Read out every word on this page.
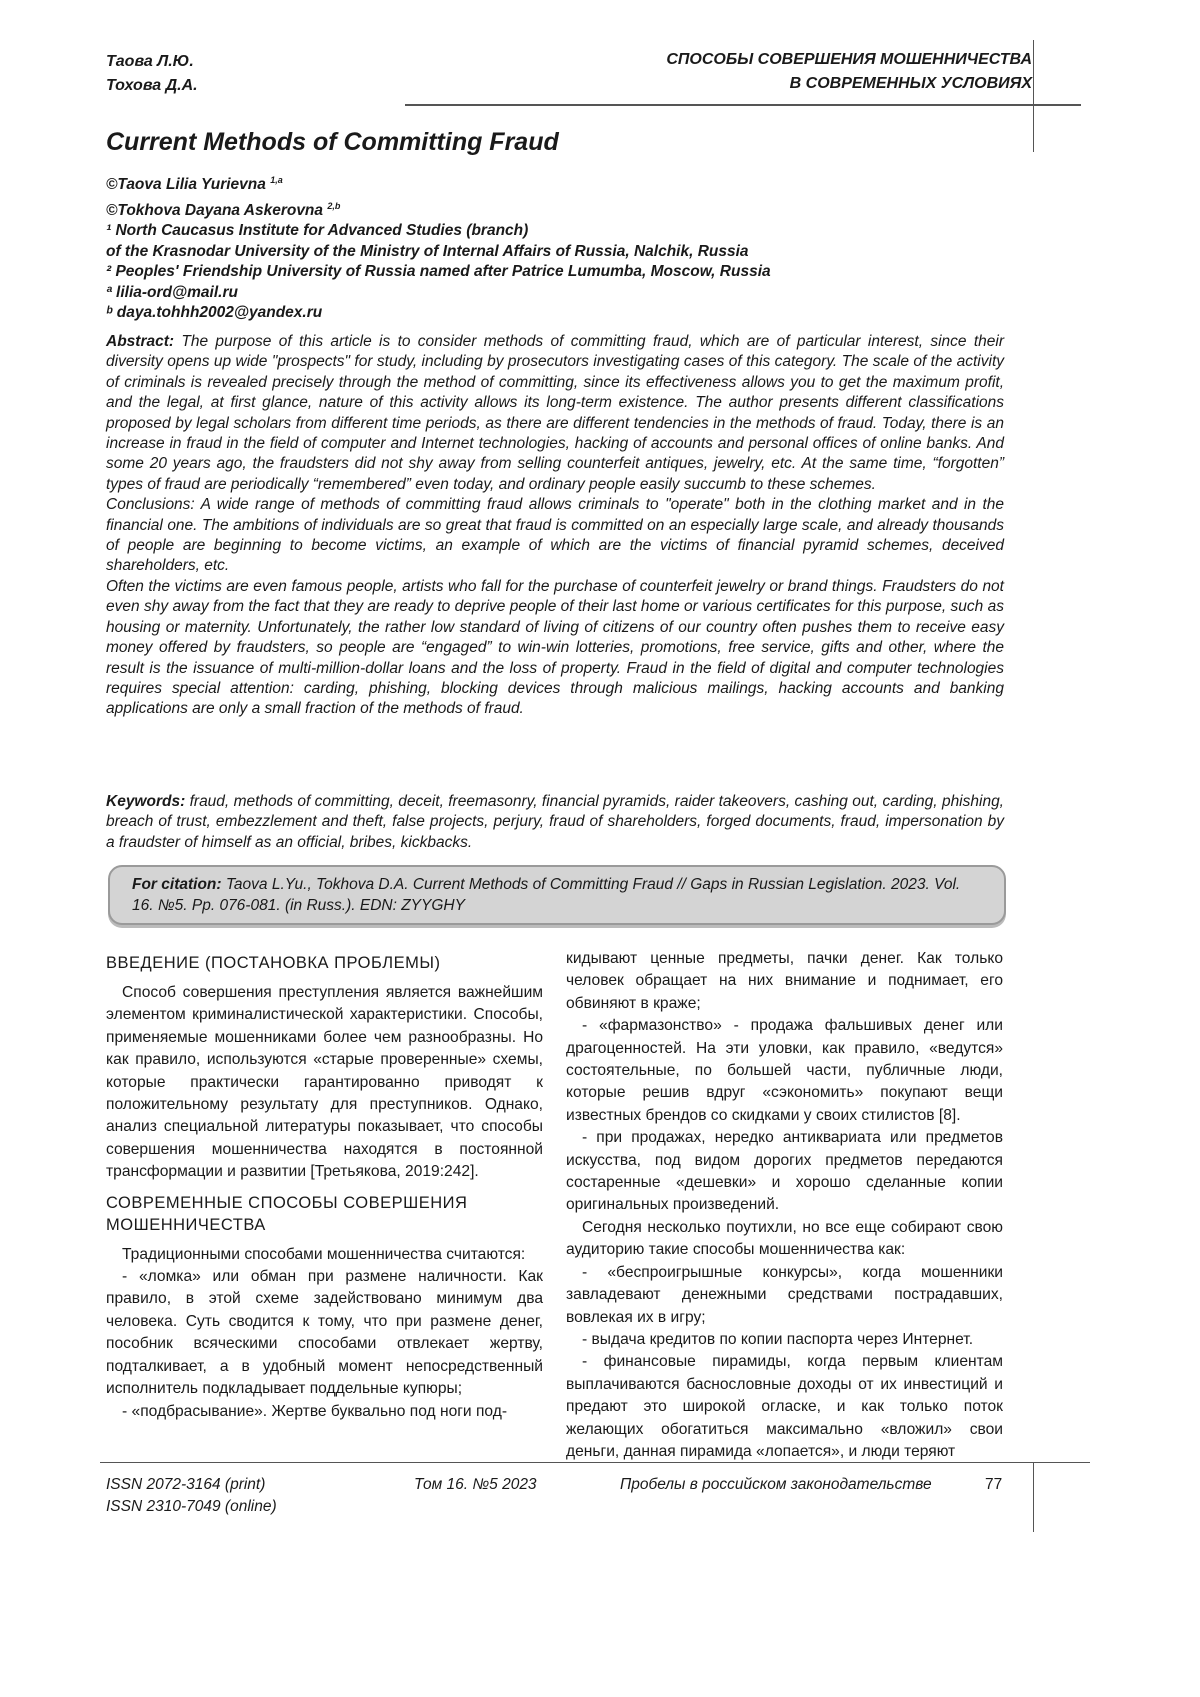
Таова Л.Ю.
Тохова Д.А.
СПОСОБЫ СОВЕРШЕНИЯ МОШЕННИЧЕСТВА
В СОВРЕМЕННЫХ УСЛОВИЯХ
Current Methods of Committing Fraud
©Taova Lilia Yurievna 1,a
©Tokhova Dayana Askerovna 2,b
¹ North Caucasus Institute for Advanced Studies (branch)
of the Krasnodar University of the Ministry of Internal Affairs of Russia, Nalchik, Russia
² Peoples' Friendship University of Russia named after Patrice Lumumba, Moscow, Russia
ª lilia-ord@mail.ru
ᵇ daya.tohhh2002@yandex.ru

Abstract: The purpose of this article is to consider methods of committing fraud, which are of particular interest, since their diversity opens up wide "prospects" for study, including by prosecutors investigating cases of this category. The scale of the activity of criminals is revealed precisely through the method of committing, since its effectiveness allows you to get the maximum profit, and the legal, at first glance, nature of this activity allows its long-term existence. The author presents different classifications proposed by legal scholars from different time periods, as there are different tendencies in the methods of fraud. Today, there is an increase in fraud in the field of computer and Internet technologies, hacking of accounts and personal offices of online banks. And some 20 years ago, the fraudsters did not shy away from selling counterfeit antiques, jewelry, etc. At the same time, “forgotten” types of fraud are periodically “remembered” even today, and ordinary people easily succumb to these schemes.

Conclusions: A wide range of methods of committing fraud allows criminals to "operate" both in the clothing market and in the financial one. The ambitions of individuals are so great that fraud is committed on an especially large scale, and already thousands of people are beginning to become victims, an example of which are the victims of financial pyramid schemes, deceived shareholders, etc.

Often the victims are even famous people, artists who fall for the purchase of counterfeit jewelry or brand things. Fraudsters do not even shy away from the fact that they are ready to deprive people of their last home or various certificates for this purpose, such as housing or maternity. Unfortunately, the rather low standard of living of citizens of our country often pushes them to receive easy money offered by fraudsters, so people are “engaged” to win-win lotteries, promotions, free service, gifts and other, where the result is the issuance of multi-million-dollar loans and the loss of property. Fraud in the field of digital and computer technologies requires special attention: carding, phishing, blocking devices through malicious mailings, hacking accounts and banking applications are only a small fraction of the methods of fraud.

Keywords: fraud, methods of committing, deceit, freemasonry, financial pyramids, raider takeovers, cashing out, carding, phishing, breach of trust, embezzlement and theft, false projects, perjury, fraud of shareholders, forged documents, fraud, impersonation by a fraudster of himself as an official, bribes, kickbacks.
For citation: Taova L.Yu., Tokhova D.A. Current Methods of Committing Fraud // Gaps in Russian Legislation. 2023. Vol. 16. №5. Pp. 076-081. (in Russ.). EDN: ZYYGHY
ВВЕДЕНИЕ (ПОСТАНОВКА ПРОБЛЕМЫ)

Способ совершения преступления является важнейшим элементом криминалистической характеристики. Способы, применяемые мошенниками более чем разнообразны. Но как правило, используются «старые проверенные» схемы, которые практически гарантированно приводят к положительному результату для преступников. Однако, анализ специальной литературы показывает, что способы совершения мошенничества находятся в постоянной трансформации и развитии [Третьякова, 2019:242].

СОВРЕМЕННЫЕ СПОСОБЫ СОВЕРШЕНИЯ МОШЕННИЧЕСТВА

Традиционными способами мошенничества считаются:

- «ломка» или обман при размене наличности. Как правило, в этой схеме задействовано минимум два человека. Суть сводится к тому, что при размене денег, пособник всяческими способами отвлекает жертву, подталкивает, а в удобный момент непосредственный исполнитель подкладывает поддельные купюры;

- «подбрасывание». Жертве буквально под ноги под-

кидывают ценные предметы, пачки денег. Как только человек обращает на них внимание и поднимает, его обвиняют в краже;

- «фармазонство» - продажа фальшивых денег или драгоценностей. На эти уловки, как правило, «ведутся» состоятельные, по большей части, публичные люди, которые решив вдруг «сэкономить» покупают вещи известных брендов со скидками у своих стилистов [8].

- при продажах, нередко антиквариата или предметов искусства, под видом дорогих предметов передаются состаренные «дешевки» и хорошо сделанные копии оригинальных произведений.

Сегодня несколько поутихли, но все еще собирают свою аудиторию такие способы мошенничества как:

- «беспроигрышные конкурсы», когда мошенники завладевают денежными средствами пострадавших, вовлекая их в игру;

- выдача кредитов по копии паспорта через Интернет.

- финансовые пирамиды, когда первым клиентам выплачиваются баснословные доходы от их инвестиций и предают это широкой огласке, и как только поток желающих обогатиться максимально «вложил» свои деньги, данная пирамида «лопается», и люди теряют

ISSN 2072-3164 (print)
ISSN 2310-7049 (online)
Том 16. №5 2023	Пробелы в российском законодательстве	77
